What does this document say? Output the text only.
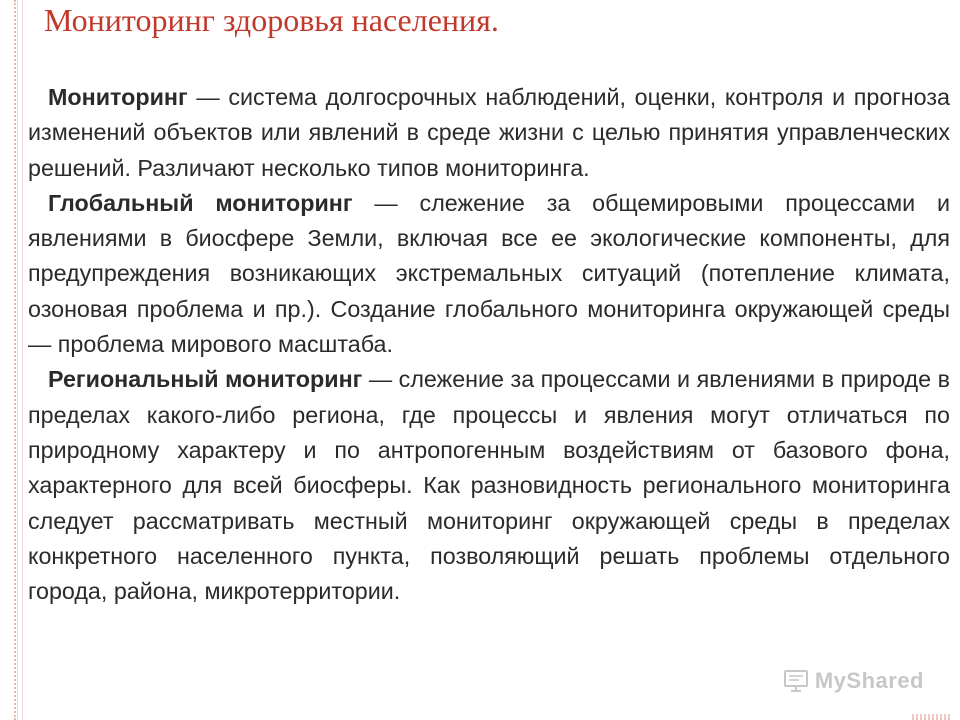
Мониторинг здоровья населения.

Мониторинг — система долгосрочных наблюдений, оценки, контроля и прогноза изменений объектов или явлений в среде жизни с целью принятия управленческих решений. Различают несколько типов мониторинга.

Глобальный мониторинг — слежение за общемировыми процессами и явлениями в биосфере Земли, включая все ее экологические компоненты, для предупреждения возникающих экстремальных ситуаций (потепление климата, озоновая проблема и пр.). Создание глобального мониторинга окружающей среды — проблема мирового масштаба.

Региональный мониторинг — слежение за процессами и явлениями в природе в пределах какого-либо региона, где процессы и явления могут отличаться по природному характеру и по антропогенным воздействиям от базового фона, характерного для всей биосферы. Как разновидность регионального мониторинга следует рассматривать местный мониторинг окружающей среды в пределах конкретного населенного пункта, позволяющий решать проблемы отдельного города, района, микротерритории.

MyShared
